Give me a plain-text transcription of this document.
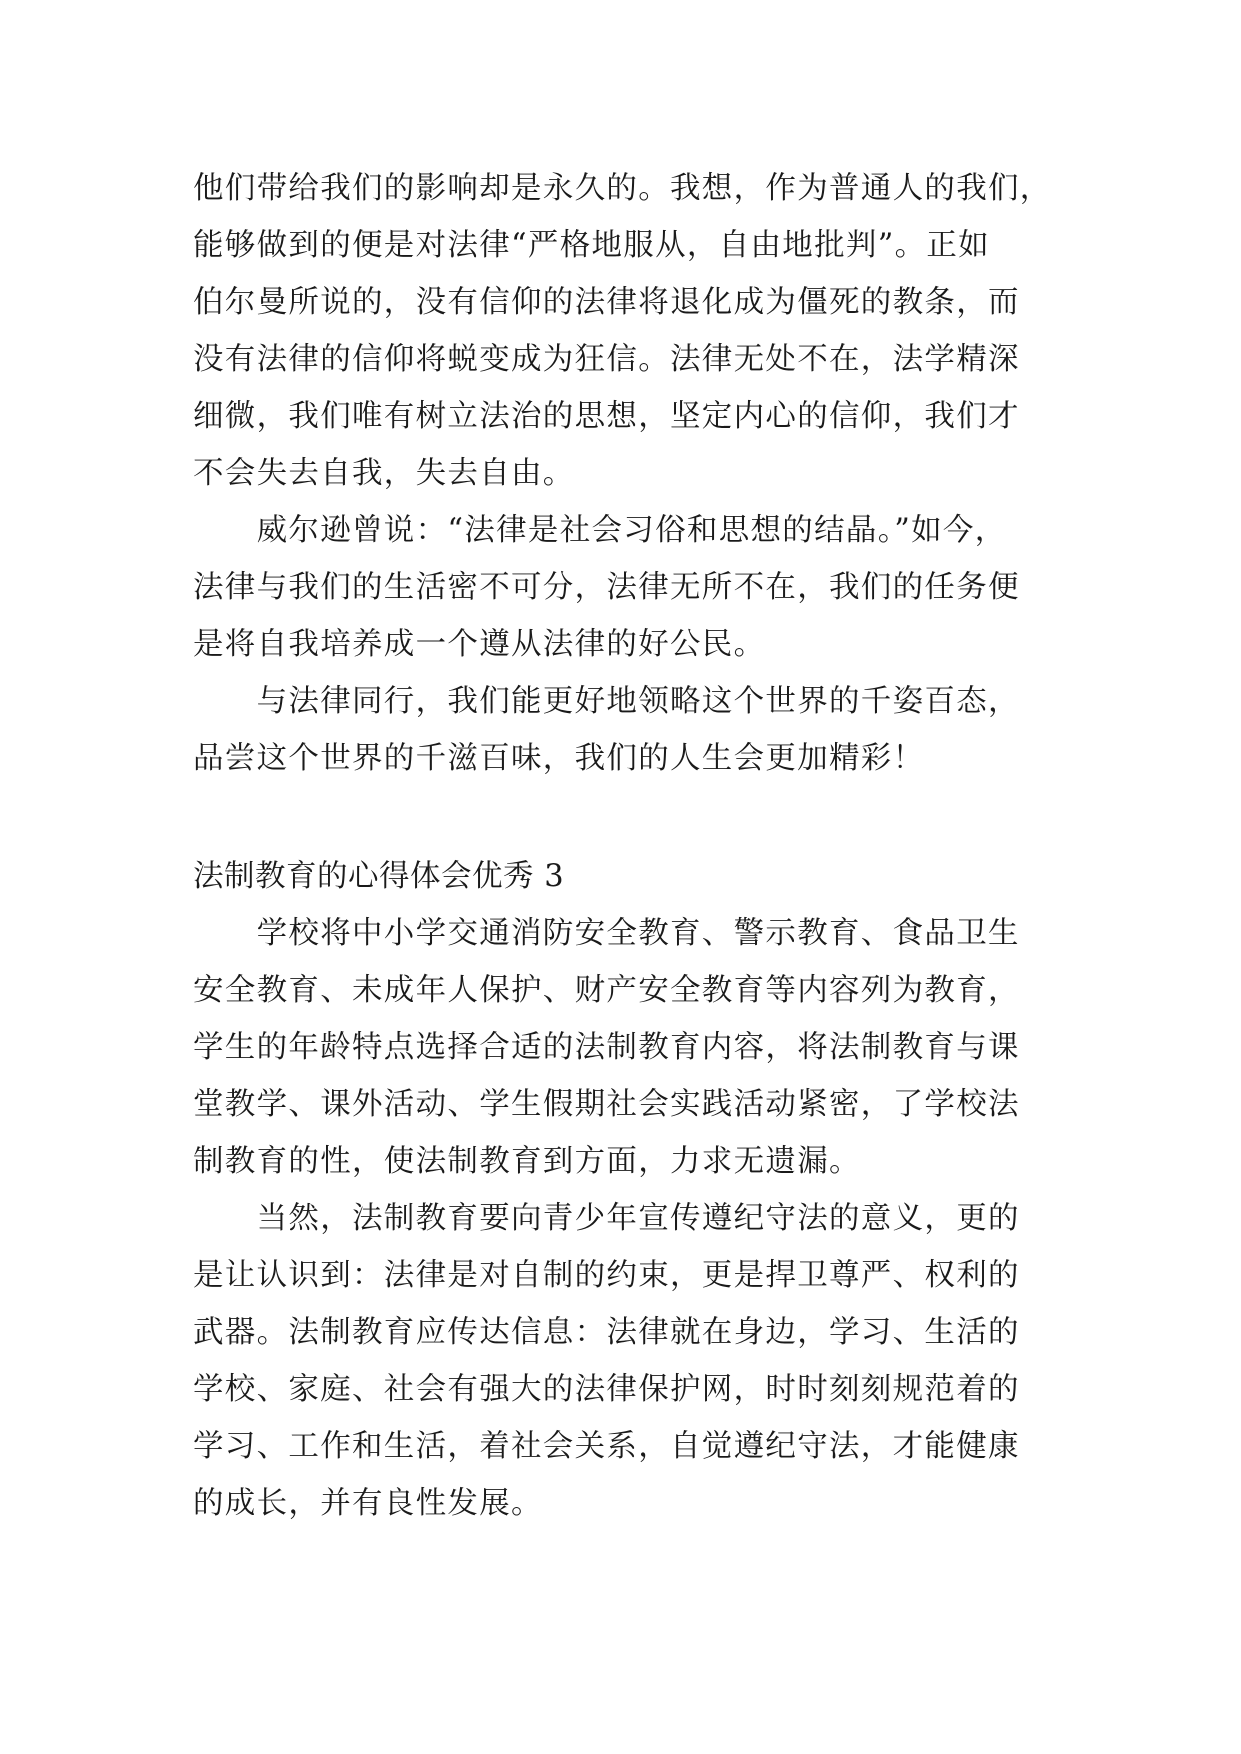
他们带给我们的影响却是永久的。我想，作为普通人的我们，
能够做到的便是对法律“严格地服从，自由地批判”。正如
伯尔曼所说的，没有信仰的法律将退化成为僵死的教条，而
没有法律的信仰将蜕变成为狂信。法律无处不在，法学精深
细微，我们唯有树立法治的思想，坚定内心的信仰，我们才
不会失去自我，失去自由。
　　威尔逊曾说：“法律是社会习俗和思想的结晶。”如今，
法律与我们的生活密不可分，法律无所不在，我们的任务便
是将自我培养成一个遵从法律的好公民。
　　与法律同行，我们能更好地领略这个世界的千姿百态，
品尝这个世界的千滋百味，我们的人生会更加精彩！
法制教育的心得体会优秀 3
　　学校将中小学交通消防安全教育、警示教育、食品卫生
安全教育、未成年人保护、财产安全教育等内容列为教育，
学生的年龄特点选择合适的法制教育内容，将法制教育与课
堂教学、课外活动、学生假期社会实践活动紧密，了学校法
制教育的性，使法制教育到方面，力求无遗漏。
　　当然，法制教育要向青少年宣传遵纪守法的意义，更的
是让认识到：法律是对自制的约束，更是捍卫尊严、权利的
武器。法制教育应传达信息：法律就在身边，学习、生活的
学校、家庭、社会有强大的法律保护网，时时刻刻规范着的
学习、工作和生活，着社会关系，自觉遵纪守法，才能健康
的成长，并有良性发展。
